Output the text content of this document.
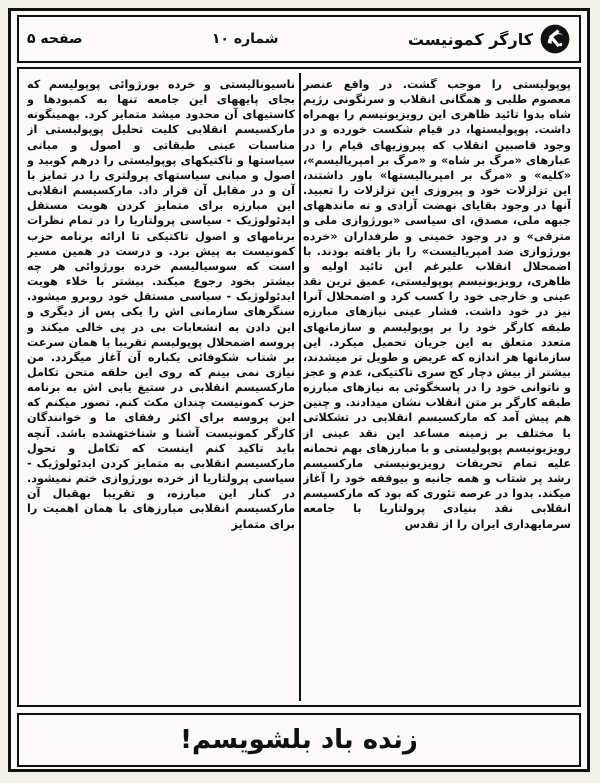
کارگر کمونیست
شماره ۱۰
صفحه ۵
پوپولیستی را موجب گشت. در واقع عنصر معصوم طلبی و همگانی انقلاب و سرنگونی رژیم شاه بدوا تائید ظاهری این رویزیونیسم را بهمراه داشت. پوپولیستها، در قیام شکست خورده و در وجود قاصبین انقلاب که پیروزیهای قیام را در عبارهای «مرگ بر شاه» و «مرگ بر امپریالیسم»، «کلیه» و «مرگ بر امپریالیستها» باور داشتند، این تزلزلات خود و پیروزی این تزلزلات را تعبید. آنها در وجود بقایای نهضت آزادی و نه ماندههای جبهه ملی، مصدق، ای سیاسی «بورژوازی ملی و مترقی» و در وجود خمینی و طرفداران «خرده بورژوازی ضد امپریالیست» را باز یافته بودند. با اضمحلال انقلاب علیرغم این تائید اولیه و ظاهری، رویزیونیسم پوپولیستی، عمیق ترین نقد عینی و خارجی خود را کسب کرد و اضمحلال آنرا نیز در خود داشت. فشار عینی نیازهای مبارزه طبقه کارگر خود را بر پوپولیسم و سازمانهای متعدد متعلق به این جریان تحمیل میکرد. این سازمانها هر اندازه که عریض و طویل تر میشدند، بیشتر از بیش دچار کج سری تاکتیکی، عدم و عجز و ناتوانی خود را در پاسخگوئی به نیازهای مبارزه طبقه کارگر بر متن انقلاب نشان میدادند. و چنین هم پیش آمد که مارکسیسم انقلابی در تشکلاتی با مختلف بر زمینه مساعد این نقد عینی از رویزیونیسم پوپولیستی و با مبارزهای بهم تحمانه علیه تمام تحریفات رویزیونیستی مارکسیسم رشد پر شتاب و همه جانبه و بیوقفه خود را آغاز میکند. بدوا در عرصه تئوری که بود که مارکسیسم انقلابی نقد بنیادی پرولتاریا با جامعه سرمایهداری ایران را از تقدس
ناسیونالیستی و خرده بورژوائی پوپولیسم که بجای پایههای این جامعه تنها به کمبودها و کاستیهای آن محدود میشد متمایز کرد. بهمینگونه مارکسیسم انقلابی کلیت تحلیل پوپولیستی از مناسبات عینی طبقاتی و اصول و مبانی سیاستها و تاکتیکهای پوپولیستی را درهم کوبید و اصول و مبانی سیاستهای پرولتری را در تمایز با آن و در مقابل آن قرار داد. مارکسیسم انقلابی این مبارزه برای متمایز کردن هویت مستقل ایدئولوژیک - سیاسی پرولتاریا را در تمام نظرات برنامهای و اصول تاکتیکی تا ارائه برنامه حزب کمونیست به پیش برد. و درست در همین مسیر است که سوسیالیسم خرده بورژوائی هر چه بیشتر بخود رجوع میکند. بیشتر با خلاء هویت ایدئولوژیک - سیاسی مستقل خود روبرو میشود. سنگرهای سازمانی اش را یکی پس از دیگری و این دادن به انشعابات بی در پی خالی میکند و پروسه اضمحلال پوپولیسم تقریبا با همان سرعت بر شتاب شکوفائی یکباره آن آغاز میگردد. من نیازی نمی بینم که روی این حلقه متحن تکامل مارکسیسم انقلابی در ستیغ یابی اش به برنامه حزب کمونیست چندان مکث کنم. تصور میکنم که این پروسه برای اکثر رفقای ما و خوانندگان کارگر کمونیست آشنا و شناختهشده باشد. آنچه باید تاکید کنم اینست که تکامل و تحول مارکسیسم انقلابی به متمایز کردن ایدئولوژیک - سیاسی پرولتاریا از خرده بورژوازی ختم نمیشود. در کنار این مبارزه، و تقریبا بهقبال آن مارکسیسم انقلابی مبارزهای با همان اهمیت را برای متمایز
زنده باد بلشویسم!
